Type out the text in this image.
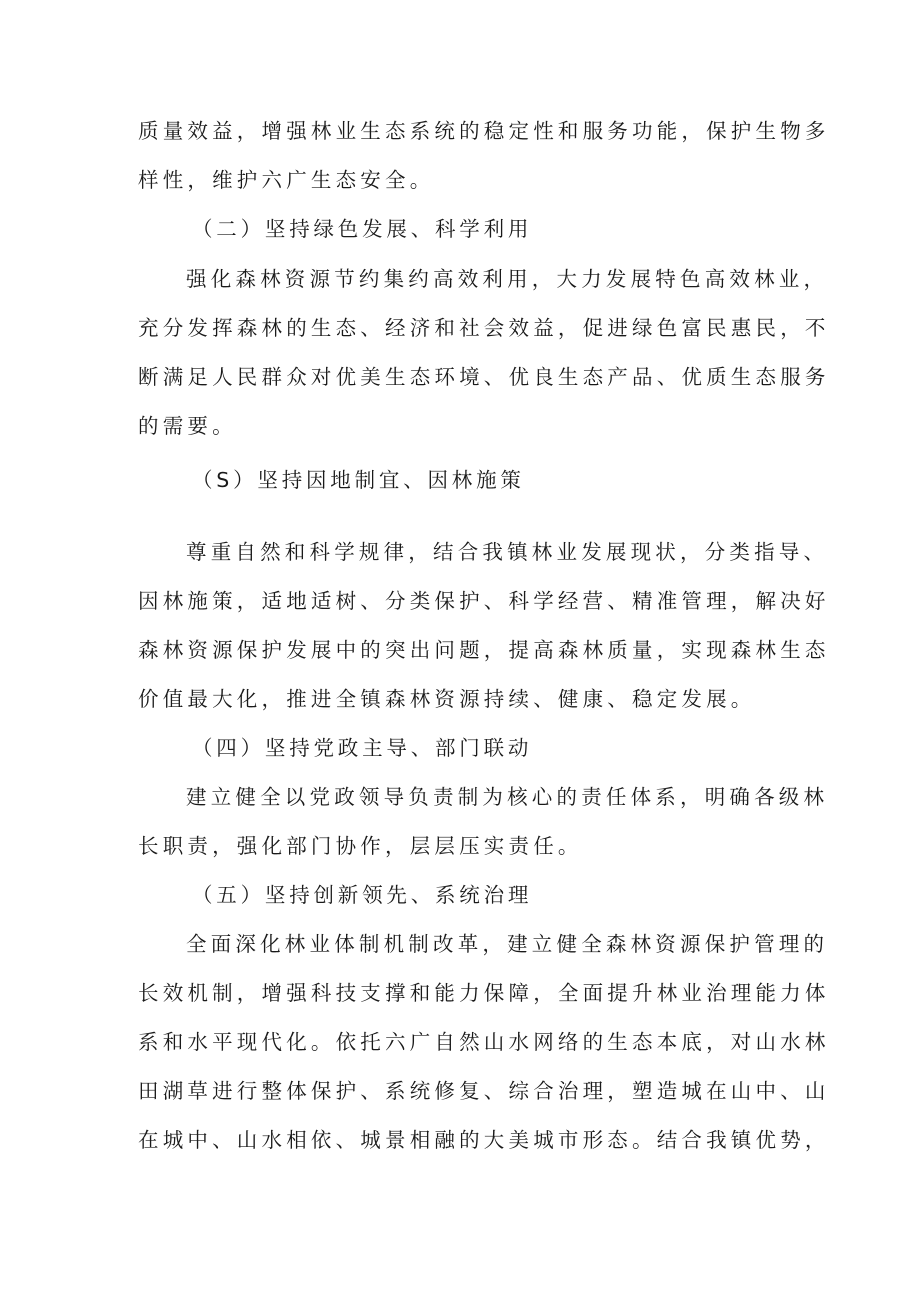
质量效益，增强林业生态系统的稳定性和服务功能，保护生物多
样性，维护六广生态安全。
（二）坚持绿色发展、科学利用
强化森林资源节约集约高效利用，大力发展特色高效林业，
充分发挥森林的生态、经济和社会效益，促进绿色富民惠民，不
断满足人民群众对优美生态环境、优良生态产品、优质生态服务
的需要。
（S）坚持因地制宜、因林施策
尊重自然和科学规律，结合我镇林业发展现状，分类指导、
因林施策，适地适树、分类保护、科学经营、精准管理，解决好
森林资源保护发展中的突出问题，提高森林质量，实现森林生态
价值最大化，推进全镇森林资源持续、健康、稳定发展。
（四）坚持党政主导、部门联动
建立健全以党政领导负责制为核心的责任体系，明确各级林
长职责，强化部门协作，层层压实责任。
（五）坚持创新领先、系统治理
全面深化林业体制机制改革，建立健全森林资源保护管理的
长效机制，增强科技支撑和能力保障，全面提升林业治理能力体
系和水平现代化。依托六广自然山水网络的生态本底，对山水林
田湖草进行整体保护、系统修复、综合治理，塑造城在山中、山
在城中、山水相依、城景相融的大美城市形态。结合我镇优势，
